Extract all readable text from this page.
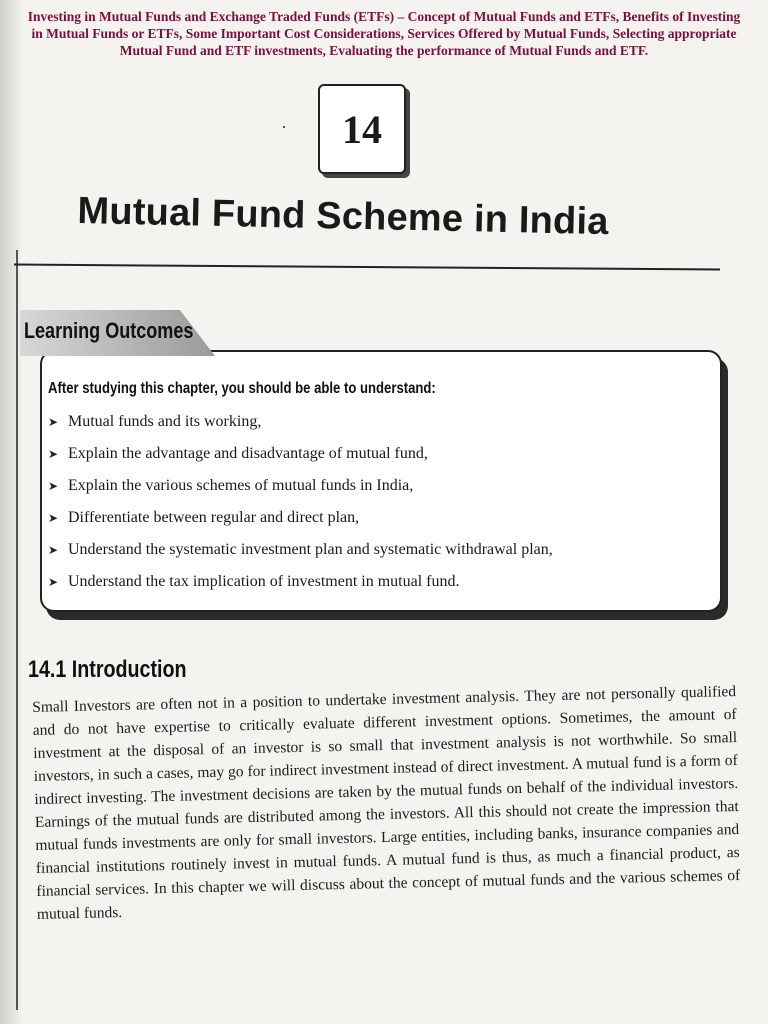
Investing in Mutual Funds and Exchange Traded Funds (ETFs) – Concept of Mutual Funds and ETFs, Benefits of Investing
in Mutual Funds or ETFs, Some Important Cost Considerations, Services Offered by Mutual Funds, Selecting appropriate
Mutual Fund and ETF investments, Evaluating the performance of Mutual Funds and ETF.
14
Mutual Fund Scheme in India
Learning Outcomes
After studying this chapter, you should be able to understand:
➤ Mutual funds and its working,
➤ Explain the advantage and disadvantage of mutual fund,
➤ Explain the various schemes of mutual funds in India,
➤ Differentiate between regular and direct plan,
➤ Understand the systematic investment plan and systematic withdrawal plan,
➤ Understand the tax implication of investment in mutual fund.
14.1 Introduction
Small Investors are often not in a position to undertake investment analysis. They are not personally qualified and do not have expertise to critically evaluate different investment options. Sometimes, the amount of investment at the disposal of an investor is so small that investment analysis is not worthwhile. So small investors, in such a cases, may go for indirect investment instead of direct investment. A mutual fund is a form of indirect investing. The investment decisions are taken by the mutual funds on behalf of the individual investors. Earnings of the mutual funds are distributed among the investors. All this should not create the impression that mutual funds investments are only for small investors. Large entities, including banks, insurance companies and financial institutions routinely invest in mutual funds. A mutual fund is thus, as much a financial product, as financial services. In this chapter we will discuss about the concept of mutual funds and the various schemes of mutual funds.
